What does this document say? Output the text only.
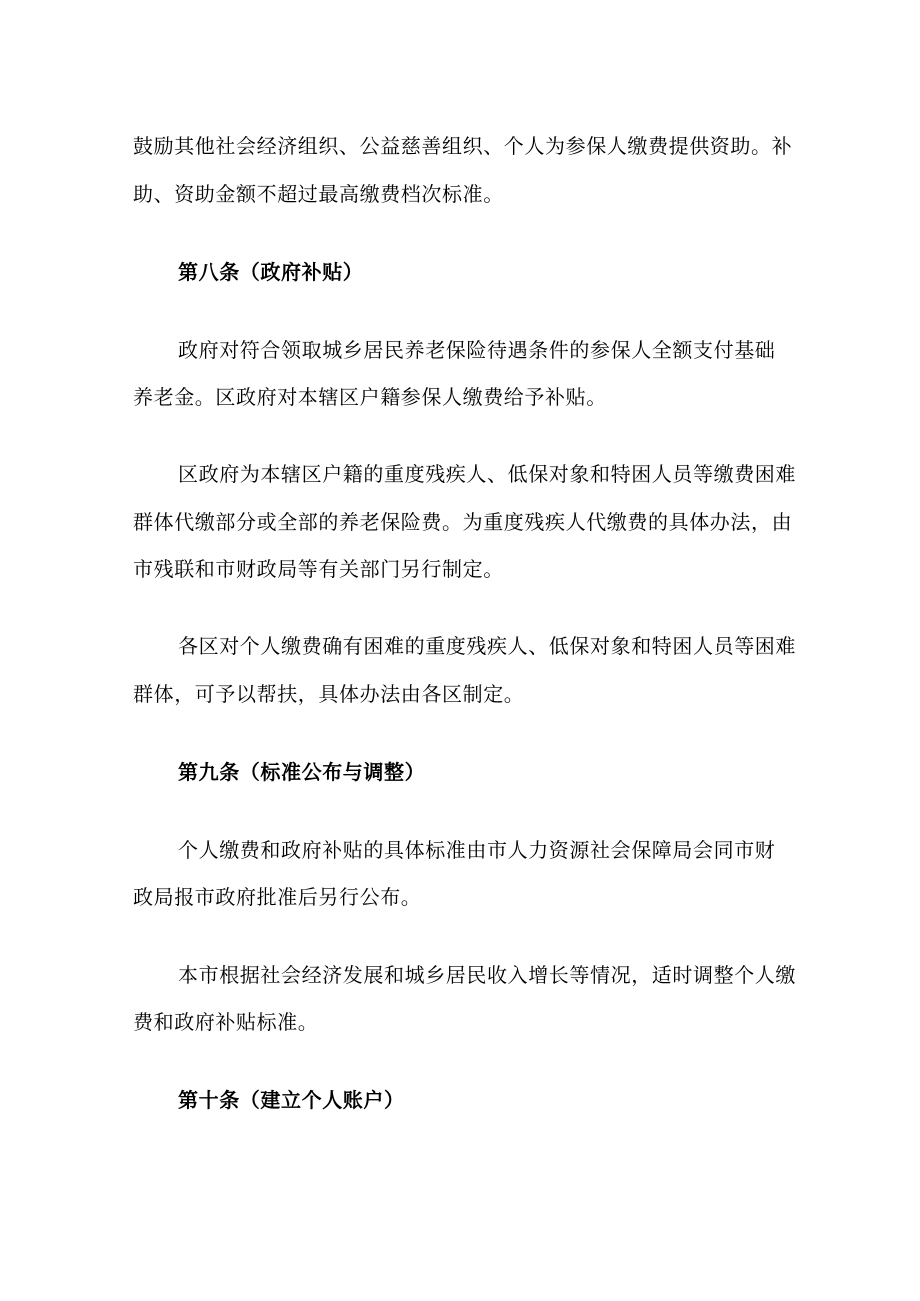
鼓励其他社会经济组织、公益慈善组织、个人为参保人缴费提供资助。补
助、资助金额不超过最高缴费档次标准。
第八条（政府补贴）
政府对符合领取城乡居民养老保险待遇条件的参保人全额支付基础
养老金。区政府对本辖区户籍参保人缴费给予补贴。
区政府为本辖区户籍的重度残疾人、低保对象和特困人员等缴费困难
群体代缴部分或全部的养老保险费。为重度残疾人代缴费的具体办法，由
市残联和市财政局等有关部门另行制定。
各区对个人缴费确有困难的重度残疾人、低保对象和特困人员等困难
群体，可予以帮扶，具体办法由各区制定。
第九条（标准公布与调整）
个人缴费和政府补贴的具体标准由市人力资源社会保障局会同市财
政局报市政府批准后另行公布。
本市根据社会经济发展和城乡居民收入增长等情况，适时调整个人缴
费和政府补贴标准。
第十条（建立个人账户）
